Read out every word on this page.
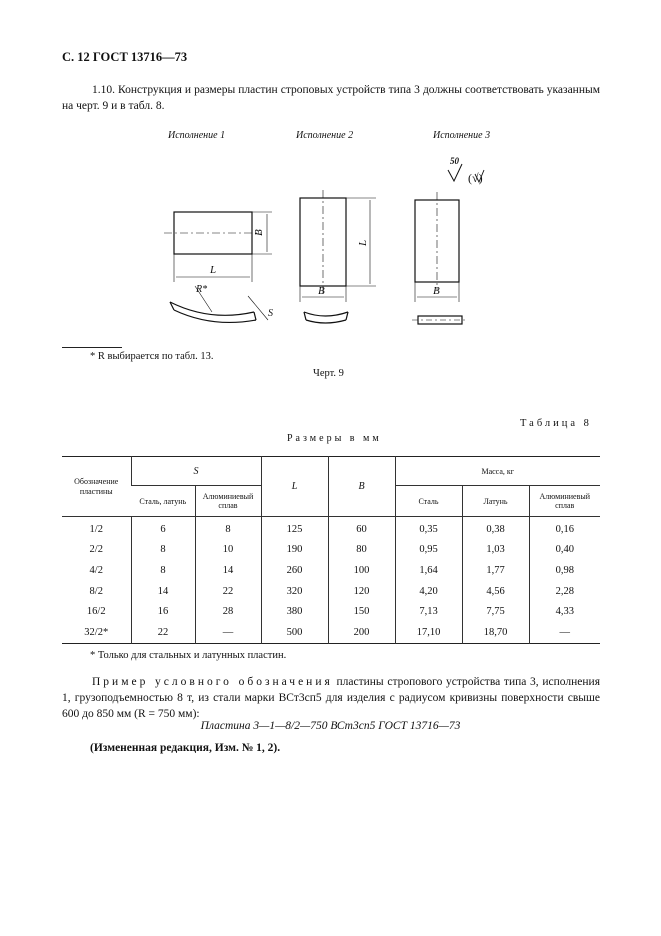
С. 12 ГОСТ 13716—73
1.10. Конструкция и размеры пластин строповых устройств типа 3 должны соответствовать указанным на черт. 9 и в табл. 8.
Исполнение 1	Исполнение 2	Исполнение 3
50
(√)
L
B
R*
S
L
B	B
* R выбирается по табл. 13.
Черт. 9
Таблица 8
Размеры в мм
Обозначение пластины	S		L	B	Масса, кг		
	Сталь, латунь	Алюминиевый сплав			Сталь	Латунь	Алюминиевый сплав
1/2	6	8	125	60	0,35	0,38	0,16
2/2	8	10	190	80	0,95	1,03	0,40
4/2	8	14	260	100	1,64	1,77	0,98
8/2	14	22	320	120	4,20	4,56	2,28
16/2	16	28	380	150	7,13	7,75	4,33
32/2*	22	—	500	200	17,10	18,70	—
* Только для стальных и латунных пластин.
Пример условного обозначения пластины стропового устройства типа 3, исполнения 1, грузоподъемностью 8 т, из стали марки ВСт3сп5 для изделия с радиусом кривизны поверхности свыше 600 до 850 мм (R = 750 мм):
Пластина 3—1—8/2—750 ВСт3сп5 ГОСТ 13716—73
(Измененная редакция, Изм. № 1, 2).
